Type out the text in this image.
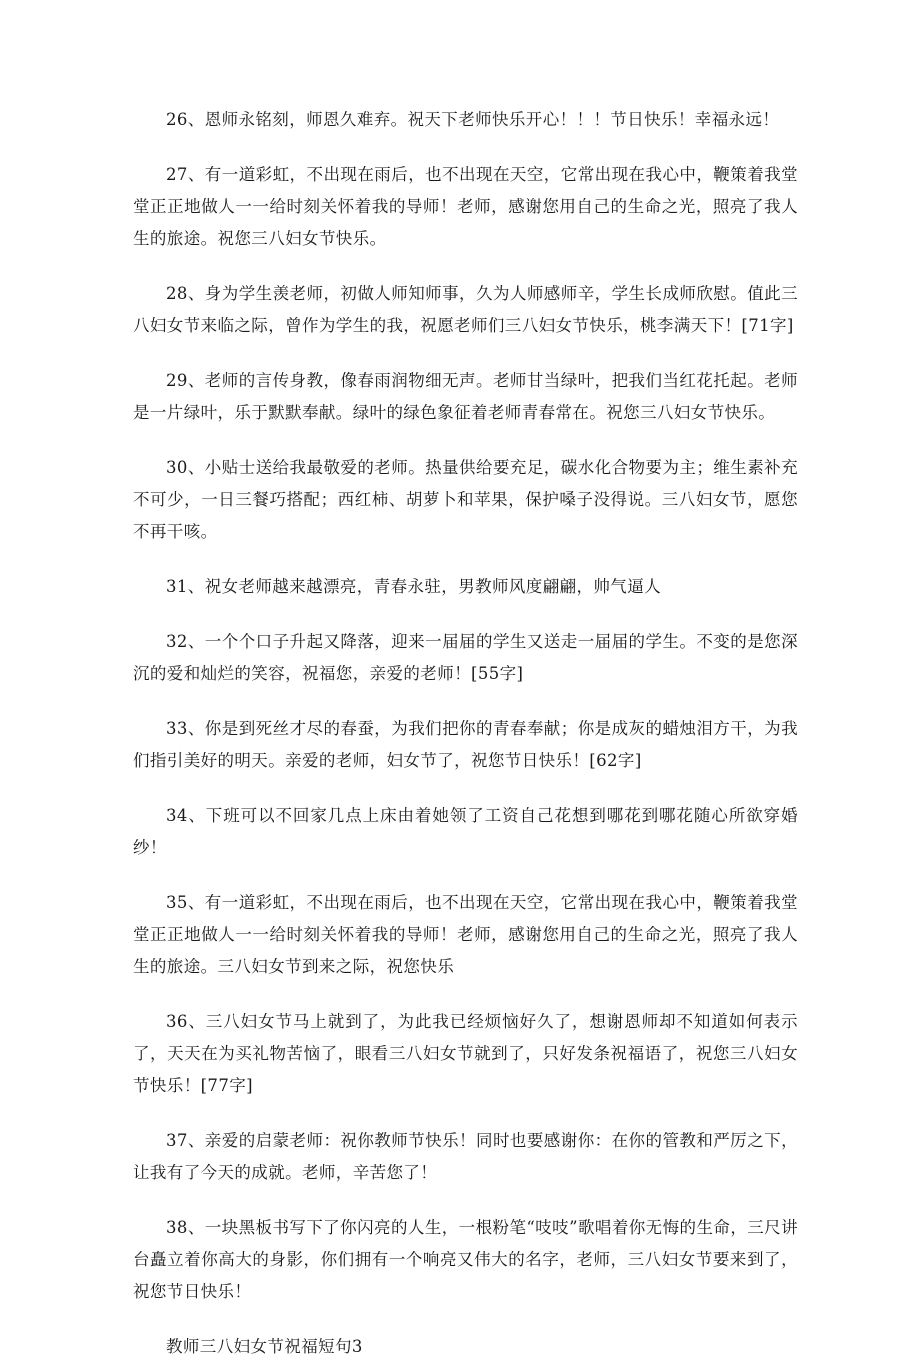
26、恩师永铭刻，师恩久难弃。祝天下老师快乐开心！！！节日快乐！幸福永远！

27、有一道彩虹，不出现在雨后，也不出现在天空，它常出现在我心中，鞭策着我堂堂正正地做人一一给时刻关怀着我的导师！老师，感谢您用自己的生命之光，照亮了我人生的旅途。祝您三八妇女节快乐。

28、身为学生羡老师，初做人师知师事，久为人师感师辛，学生长成师欣慰。值此三八妇女节来临之际，曾作为学生的我，祝愿老师们三八妇女节快乐，桃李满天下！[71字]

29、老师的言传身教，像春雨润物细无声。老师甘当绿叶，把我们当红花托起。老师是一片绿叶，乐于默默奉献。绿叶的绿色象征着老师青春常在。祝您三八妇女节快乐。

30、小贴士送给我最敬爱的老师。热量供给要充足，碳水化合物要为主；维生素补充不可少，一日三餐巧搭配；西红柿、胡萝卜和苹果，保护嗓子没得说。三八妇女节，愿您不再干咳。

31、祝女老师越来越漂亮，青春永驻，男教师风度翩翩，帅气逼人

32、一个个口子升起又降落，迎来一届届的学生又送走一届届的学生。不变的是您深沉的爱和灿烂的笑容，祝福您，亲爱的老师！[55字]

33、你是到死丝才尽的春蚕，为我们把你的青春奉献；你是成灰的蜡烛泪方干，为我们指引美好的明天。亲爱的老师，妇女节了，祝您节日快乐！[62字]

34、下班可以不回家几点上床由着她领了工资自己花想到哪花到哪花随心所欲穿婚纱！

35、有一道彩虹，不出现在雨后，也不出现在天空，它常出现在我心中，鞭策着我堂堂正正地做人一一给时刻关怀着我的导师！老师，感谢您用自己的生命之光，照亮了我人生的旅途。三八妇女节到来之际，祝您快乐

36、三八妇女节马上就到了，为此我已经烦恼好久了，想谢恩师却不知道如何表示了，天天在为买礼物苦恼了，眼看三八妇女节就到了，只好发条祝福语了，祝您三八妇女节快乐！[77字]

37、亲爱的启蒙老师：祝你教师节快乐！同时也要感谢你：在你的管教和严厉之下，让我有了今天的成就。老师，辛苦您了！

38、一块黑板书写下了你闪亮的人生，一根粉笔“吱吱”歌唱着你无悔的生命，三尺讲台矗立着你高大的身影，你们拥有一个响亮又伟大的名字，老师，三八妇女节要来到了，祝您节日快乐！

教师三八妇女节祝福短句3
